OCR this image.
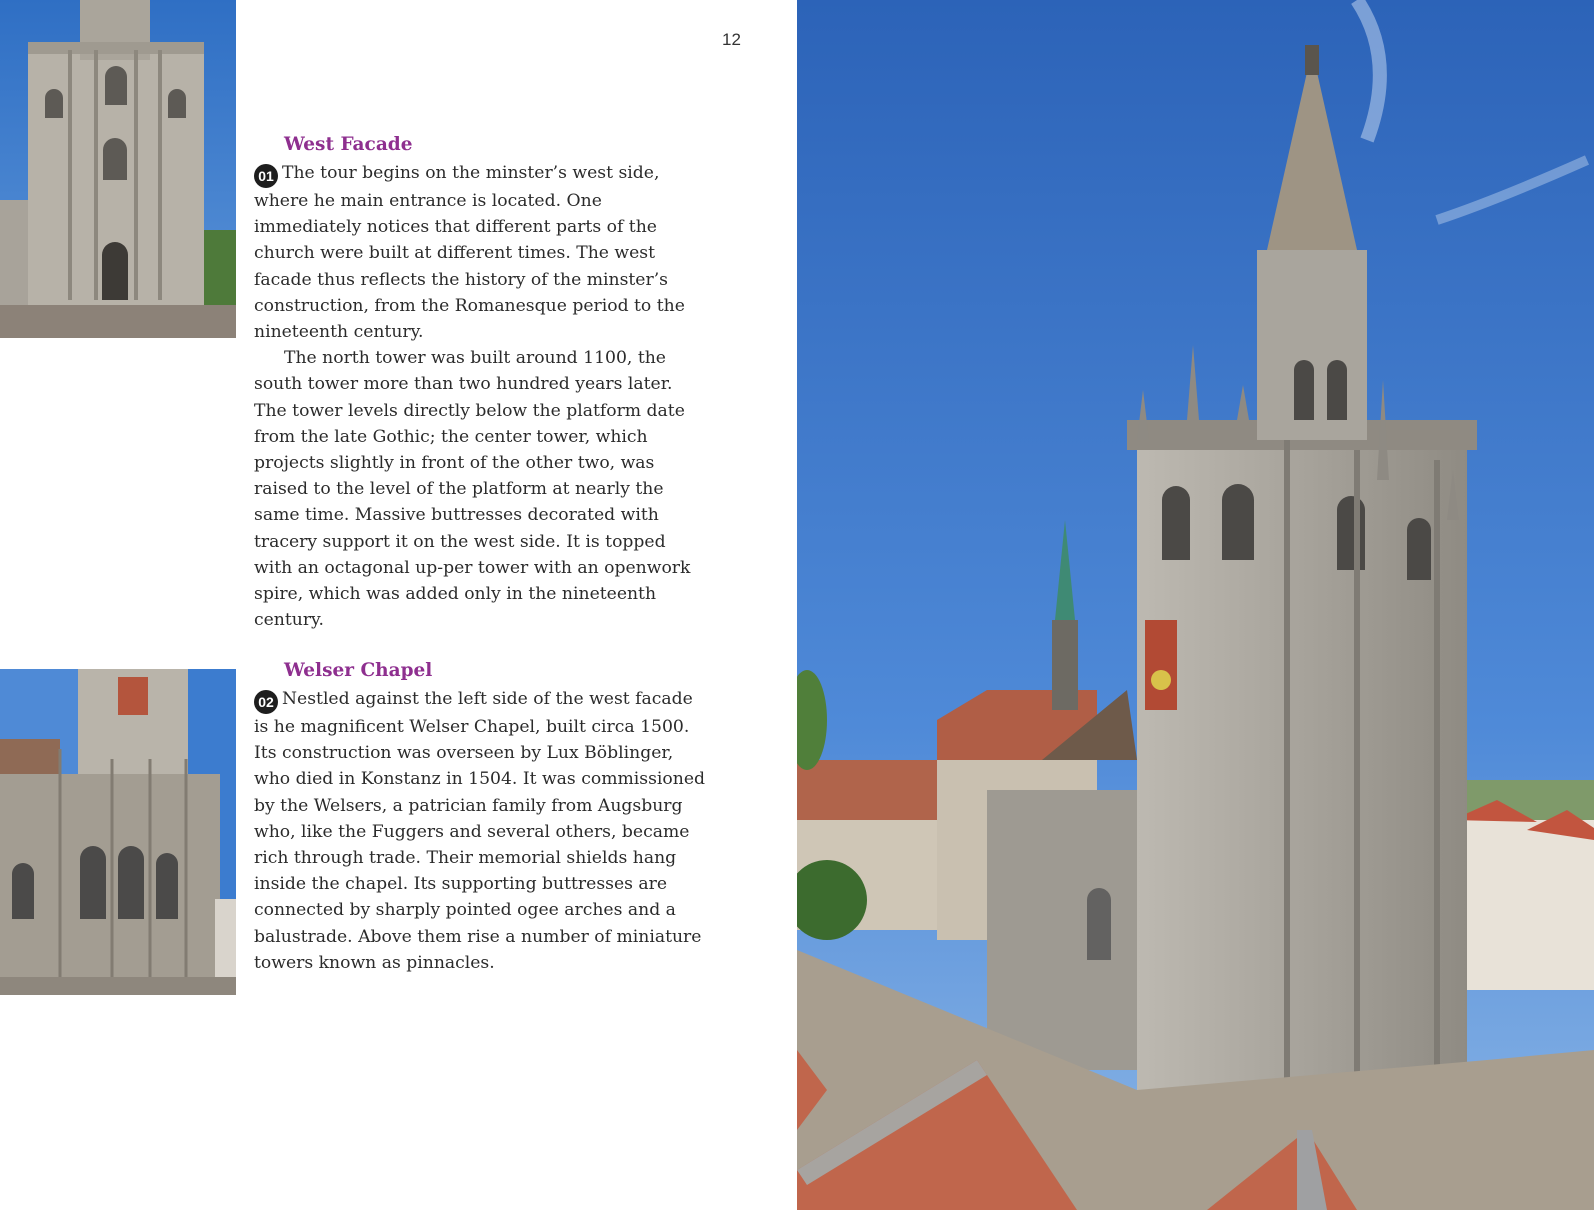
12
West Facade

01 The tour begins on the minster’s west side, where he main entrance is located. One immediately notices that different parts of the church were built at different times. The west facade thus reflects the history of the minster’s construction, from the Romanesque period to the nineteenth century.

The north tower was built around 1100, the south tower more than two hundred years later. The tower levels directly below the platform date from the late Gothic; the center tower, which projects slightly in front of the other two, was raised to the level of the platform at nearly the same time. Massive buttresses decorated with tracery support it on the west side. It is topped with an octagonal up-per tower with an openwork spire, which was added only in the nineteenth century.

Welser Chapel

02 Nestled against the left side of the west facade is he magnificent Welser Chapel, built circa 1500. Its construction was overseen by Lux Böblinger, who died in Konstanz in 1504. It was commissioned by the Welsers, a patrician family from Augsburg who, like the Fuggers and several others, became rich through trade. Their memorial shields hang inside the chapel. Its supporting buttresses are connected by sharply pointed ogee arches and a balustrade. Above them rise a number of miniature towers known as pinnacles.
